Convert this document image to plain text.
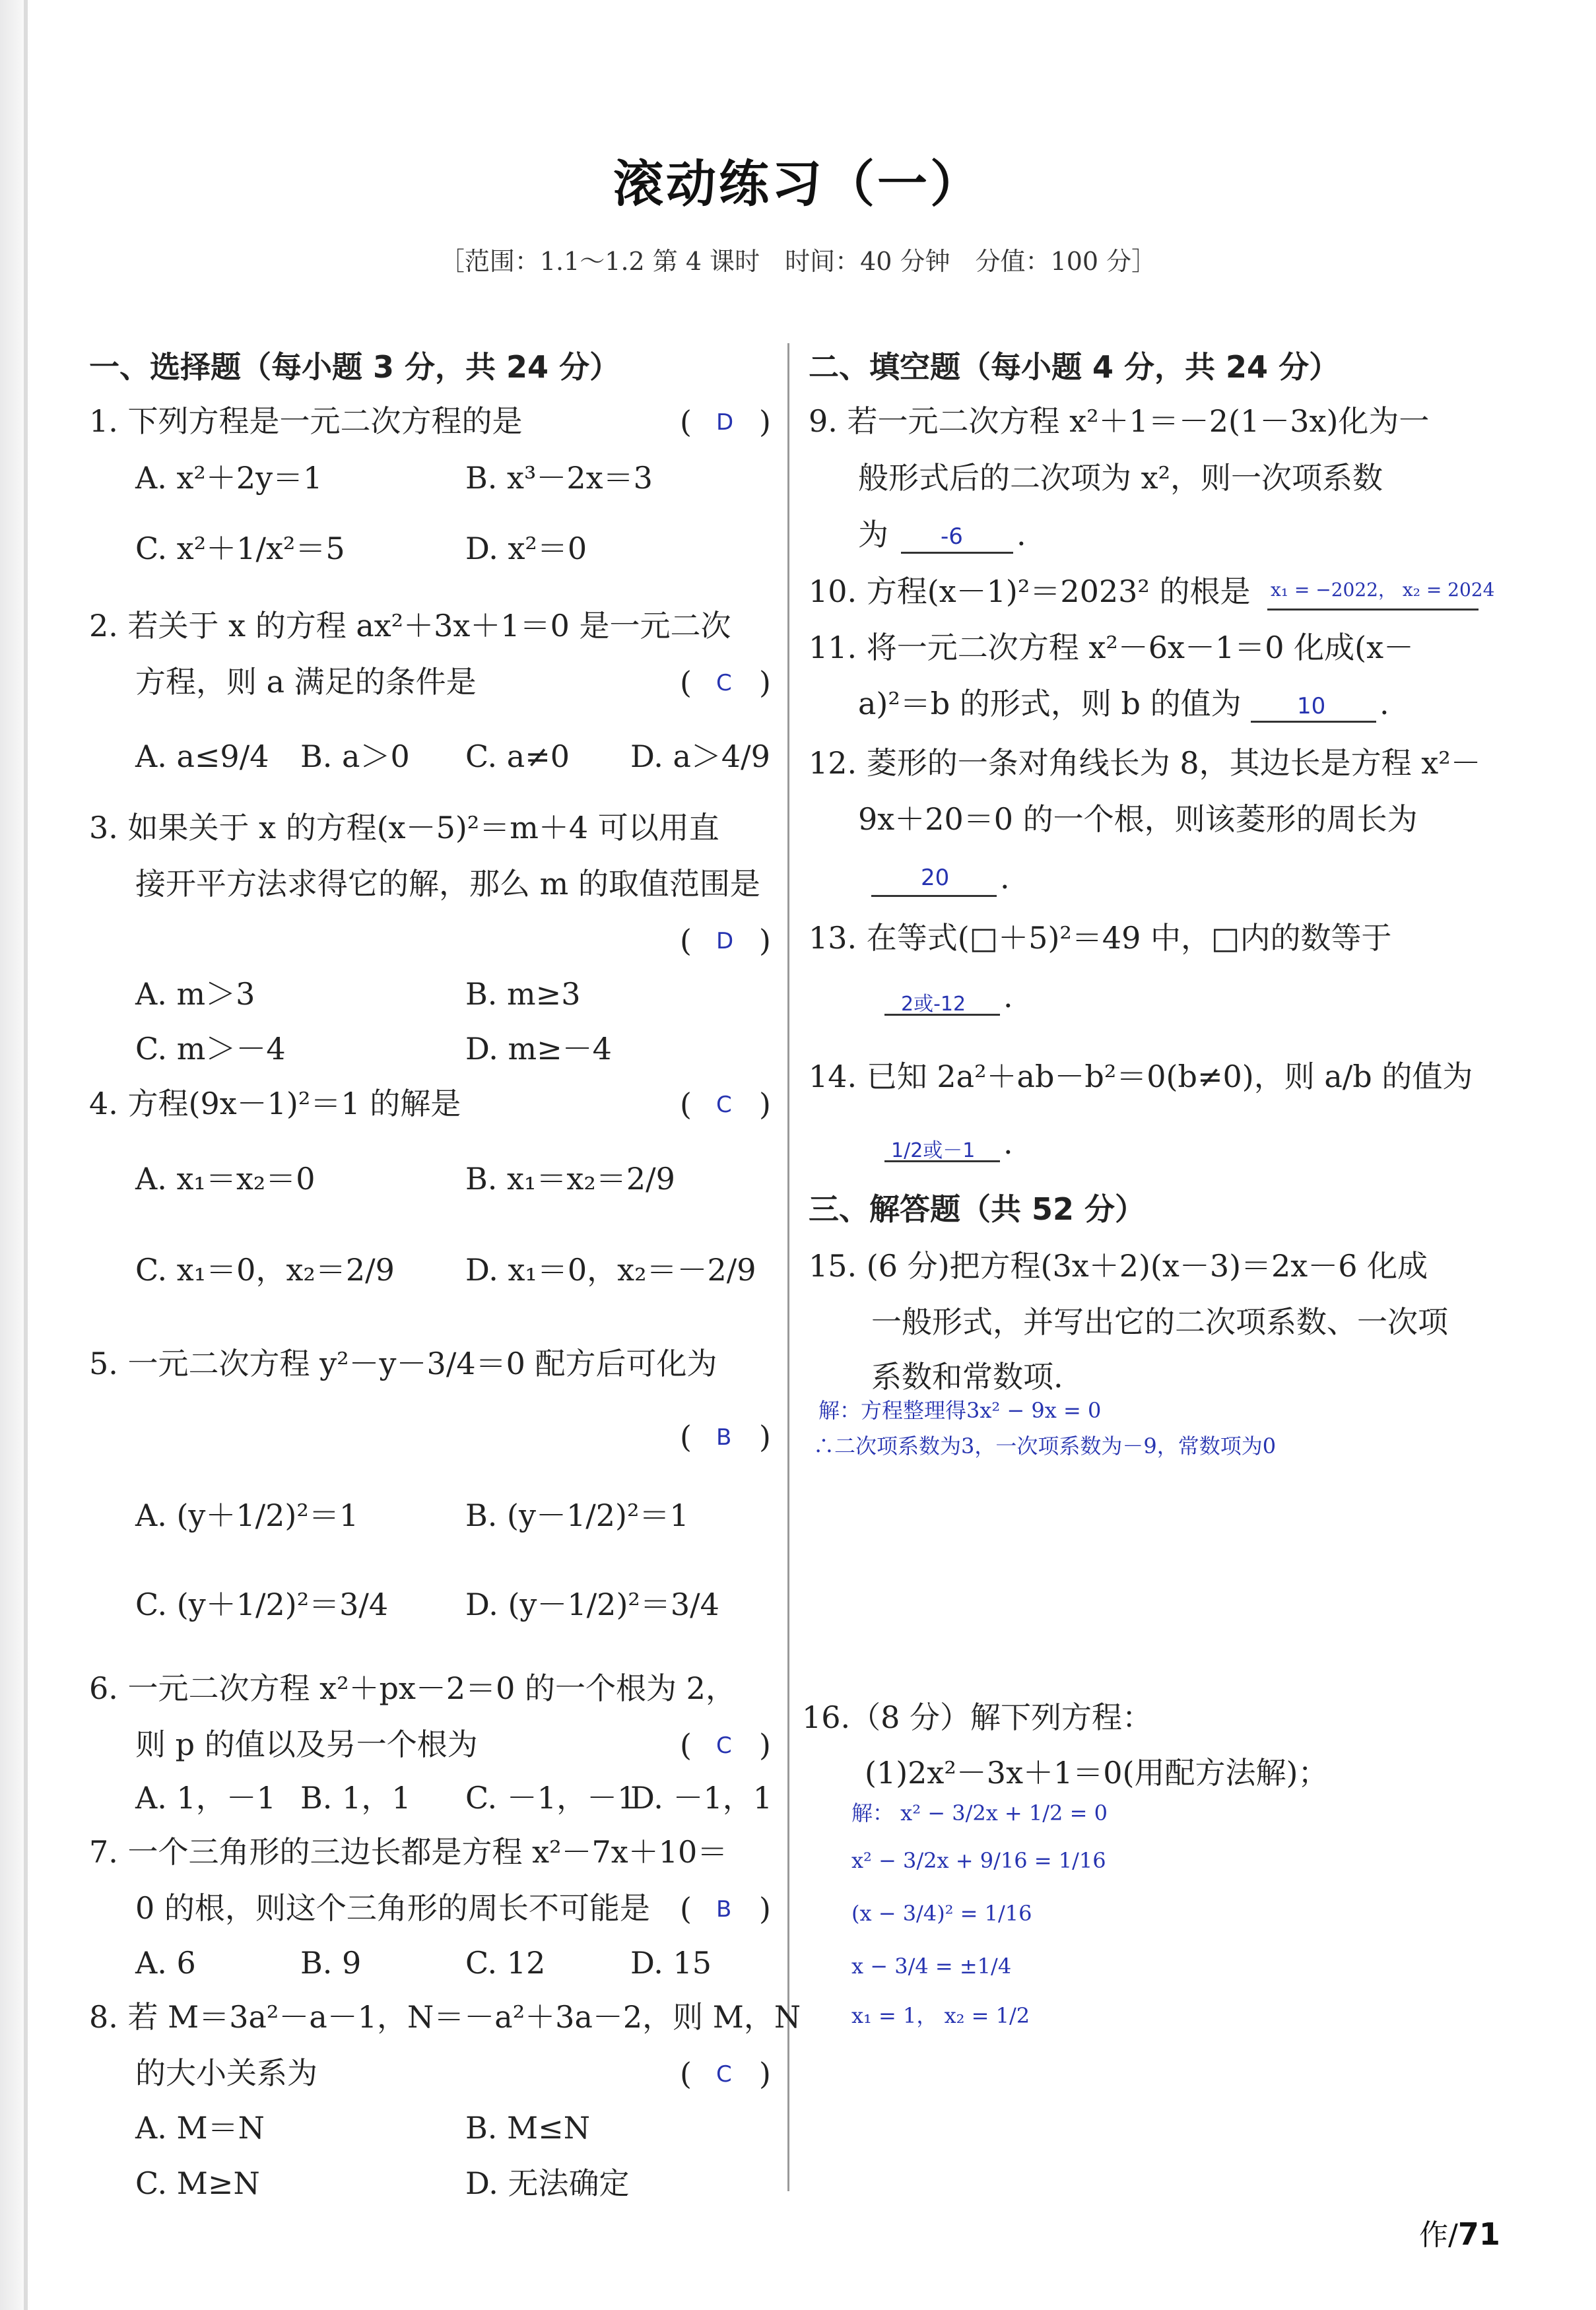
滚动练习（一）
［范围：1.1～1.2 第 4 课时　时间：40 分钟　分值：100 分］
一、选择题（每小题 3 分，共 24 分）
1. 下列方程是一元二次方程的是	( D )
A. x²＋2y＝1	B. x³－2x＝3
C. x²＋1/x²＝5	D. x²＝0
2. 若关于 x 的方程 ax²＋3x＋1＝0 是一元二次
方程，则 a 满足的条件是	( C )
A. a≤9/4 B. a＞0 C. a≠0 D. a＞4/9
3. 如果关于 x 的方程(x－5)²＝m＋4 可以用直
接开平方法求得它的解，那么 m 的取值范围是
( D )
A. m＞3	B. m≥3
C. m＞－4	D. m≥－4
4. 方程(9x－1)²＝1 的解是	( C )
A. x₁＝x₂＝0	B. x₁＝x₂＝2/9
C. x₁＝0，x₂＝2/9 D. x₁＝0，x₂＝－2/9
5. 一元二次方程 y²－y－3/4＝0 配方后可化为
( B )
A. (y＋1/2)²＝1	B. (y－1/2)²＝1
C. (y＋1/2)²＝3/4	D. (y－1/2)²＝3/4
6. 一元二次方程 x²＋px－2＝0 的一个根为 2，
则 p 的值以及另一个根为	( C )
A. 1，－1 B. 1，1 C. －1，－1
D. －1，1
7. 一个三角形的三边长都是方程 x²－7x＋10＝
0 的根，则这个三角形的周长不可能是 ( B )
A. 6	B. 9	C. 12	D. 15
8. 若 M＝3a²－a－1，N＝－a²＋3a－2，则 M，N
的大小关系为	( C )
A. M＝N	B. M≤N
C. M≥N	D. 无法确定
二、填空题（每小题 4 分，共 24 分）
9. 若一元二次方程 x²＋1＝－2(1－3x)化为一
般形式后的二次项为 x²，则一次项系数
为 -6 .
10. 方程(x－1)²＝2023² 的根是 x₁ = −2022， x₂ = 2024
11. 将一元二次方程 x²－6x－1＝0 化成(x－
a)²＝b 的形式，则 b 的值为 10 .
12. 菱形的一条对角线长为 8，其边长是方程 x²－
9x＋20＝0 的一个根，则该菱形的周长为
20 .
13. 在等式(□＋5)²＝49 中，□内的数等于
2或-12 .
14. 已知 2a²＋ab－b²＝0(b≠0)，则 a/b 的值为
1/2或－1 .
三、解答题（共 52 分）
15. (6 分)把方程(3x＋2)(x－3)＝2x－6 化成
一般形式，并写出它的二次项系数、一次项
系数和常数项.
解：方程整理得3x² − 9x = 0
∴二次项系数为3，一次项系数为－9，常数项为0
16.（8 分）解下列方程：
(1)2x²－3x＋1＝0(用配方法解)；
解： x² − 3/2x + 1/2 = 0
x² − 3/2x + 9/16 = 1/16
(x − 3/4)² = 1/16
x − 3/4 = ±1/4
x₁ = 1， x₂ = 1/2
作/71
